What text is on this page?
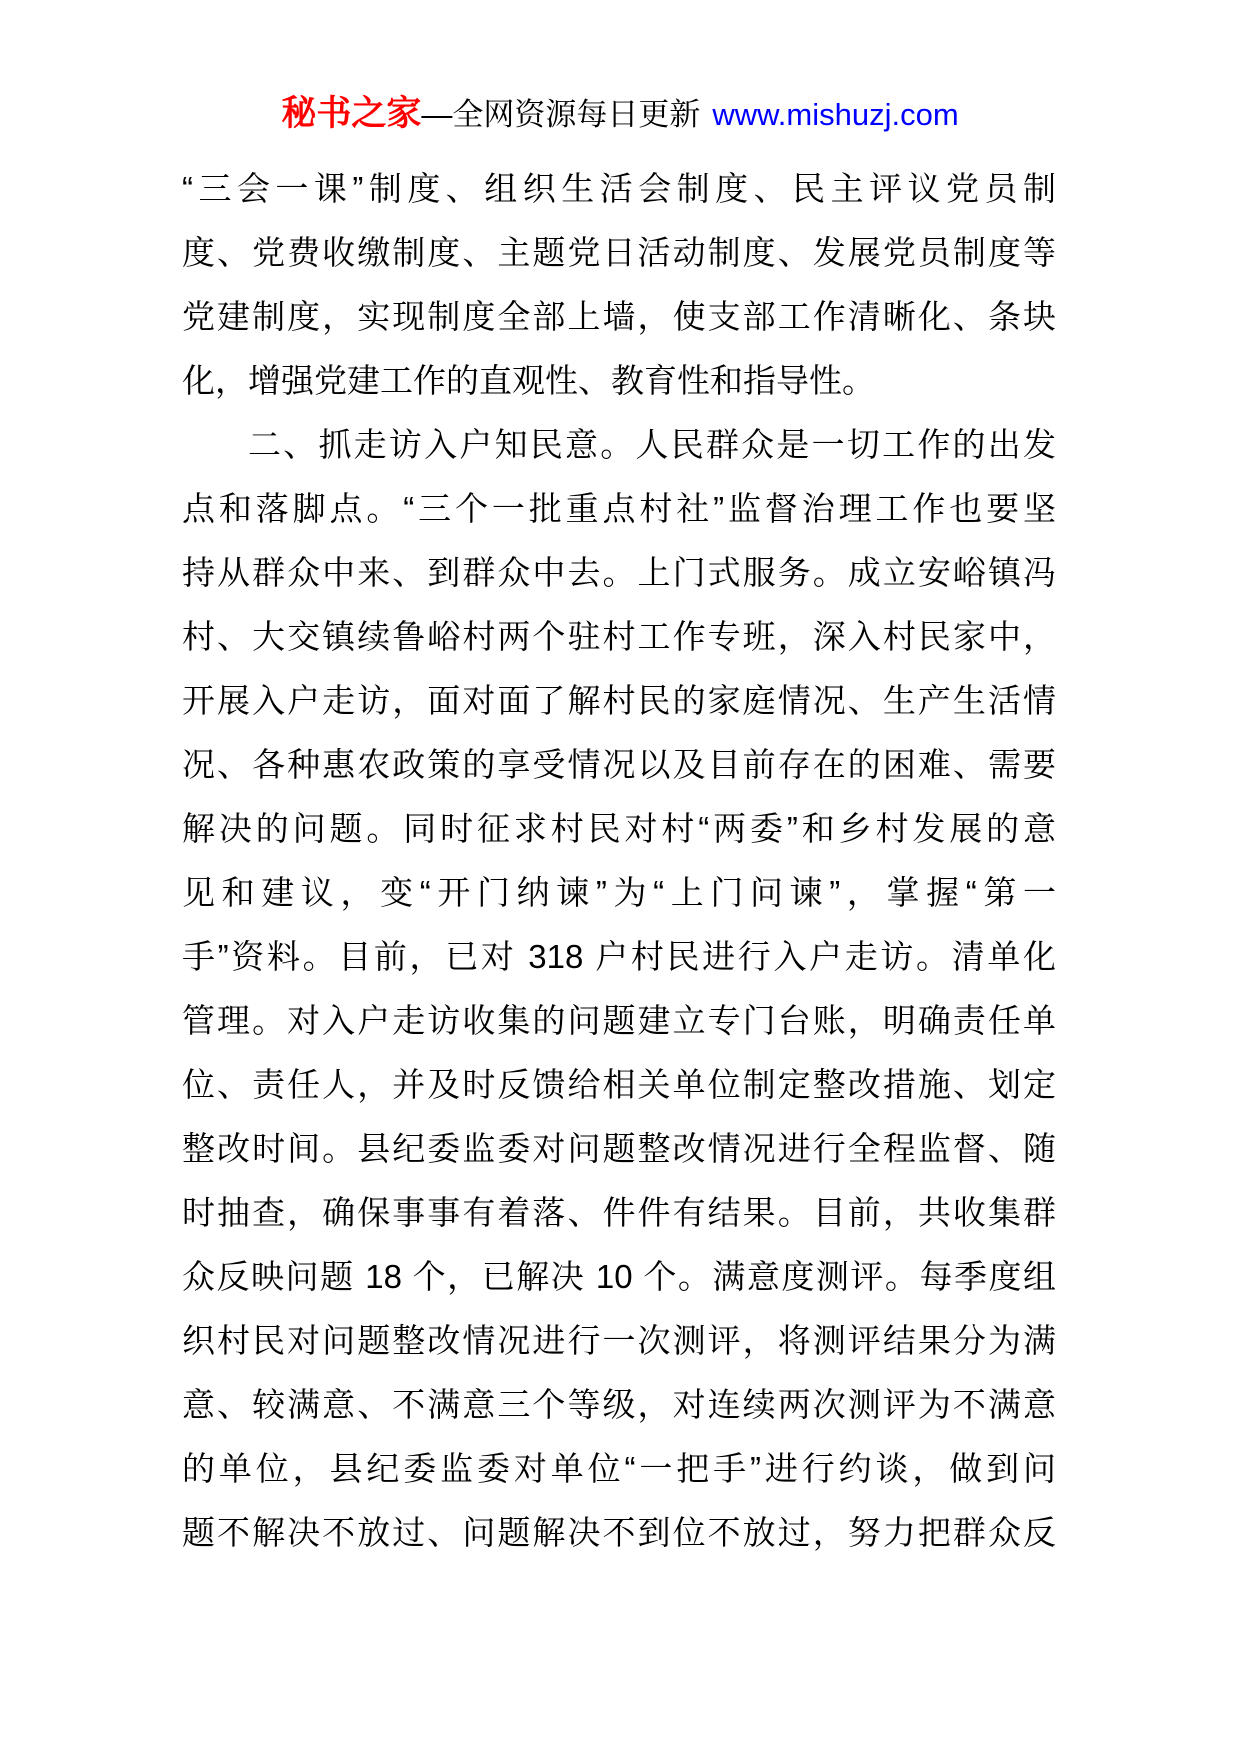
秘书之家—全网资源每日更新 www.mishuzj.com
“三会一课”制度、组织生活会制度、民主评议党员制
度、党费收缴制度、主题党日活动制度、发展党员制度等
党建制度，实现制度全部上墙，使支部工作清晰化、条块
化，增强党建工作的直观性、教育性和指导性。
二、抓走访入户知民意。人民群众是一切工作的出发
点和落脚点。“三个一批重点村社”监督治理工作也要坚
持从群众中来、到群众中去。上门式服务。成立安峪镇冯
村、大交镇续鲁峪村两个驻村工作专班，深入村民家中，
开展入户走访，面对面了解村民的家庭情况、生产生活情
况、各种惠农政策的享受情况以及目前存在的困难、需要
解决的问题。同时征求村民对村“两委”和乡村发展的意
见和建议，变“开门纳谏”为“上门问谏”，掌握“第一
手”资料。目前，已对 318 户村民进行入户走访。清单化
管理。对入户走访收集的问题建立专门台账，明确责任单
位、责任人，并及时反馈给相关单位制定整改措施、划定
整改时间。县纪委监委对问题整改情况进行全程监督、随
时抽查，确保事事有着落、件件有结果。目前，共收集群
众反映问题 18 个，已解决 10 个。满意度测评。每季度组
织村民对问题整改情况进行一次测评，将测评结果分为满
意、较满意、不满意三个等级，对连续两次测评为不满意
的单位，县纪委监委对单位“一把手”进行约谈，做到问
题不解决不放过、问题解决不到位不放过，努力把群众反
